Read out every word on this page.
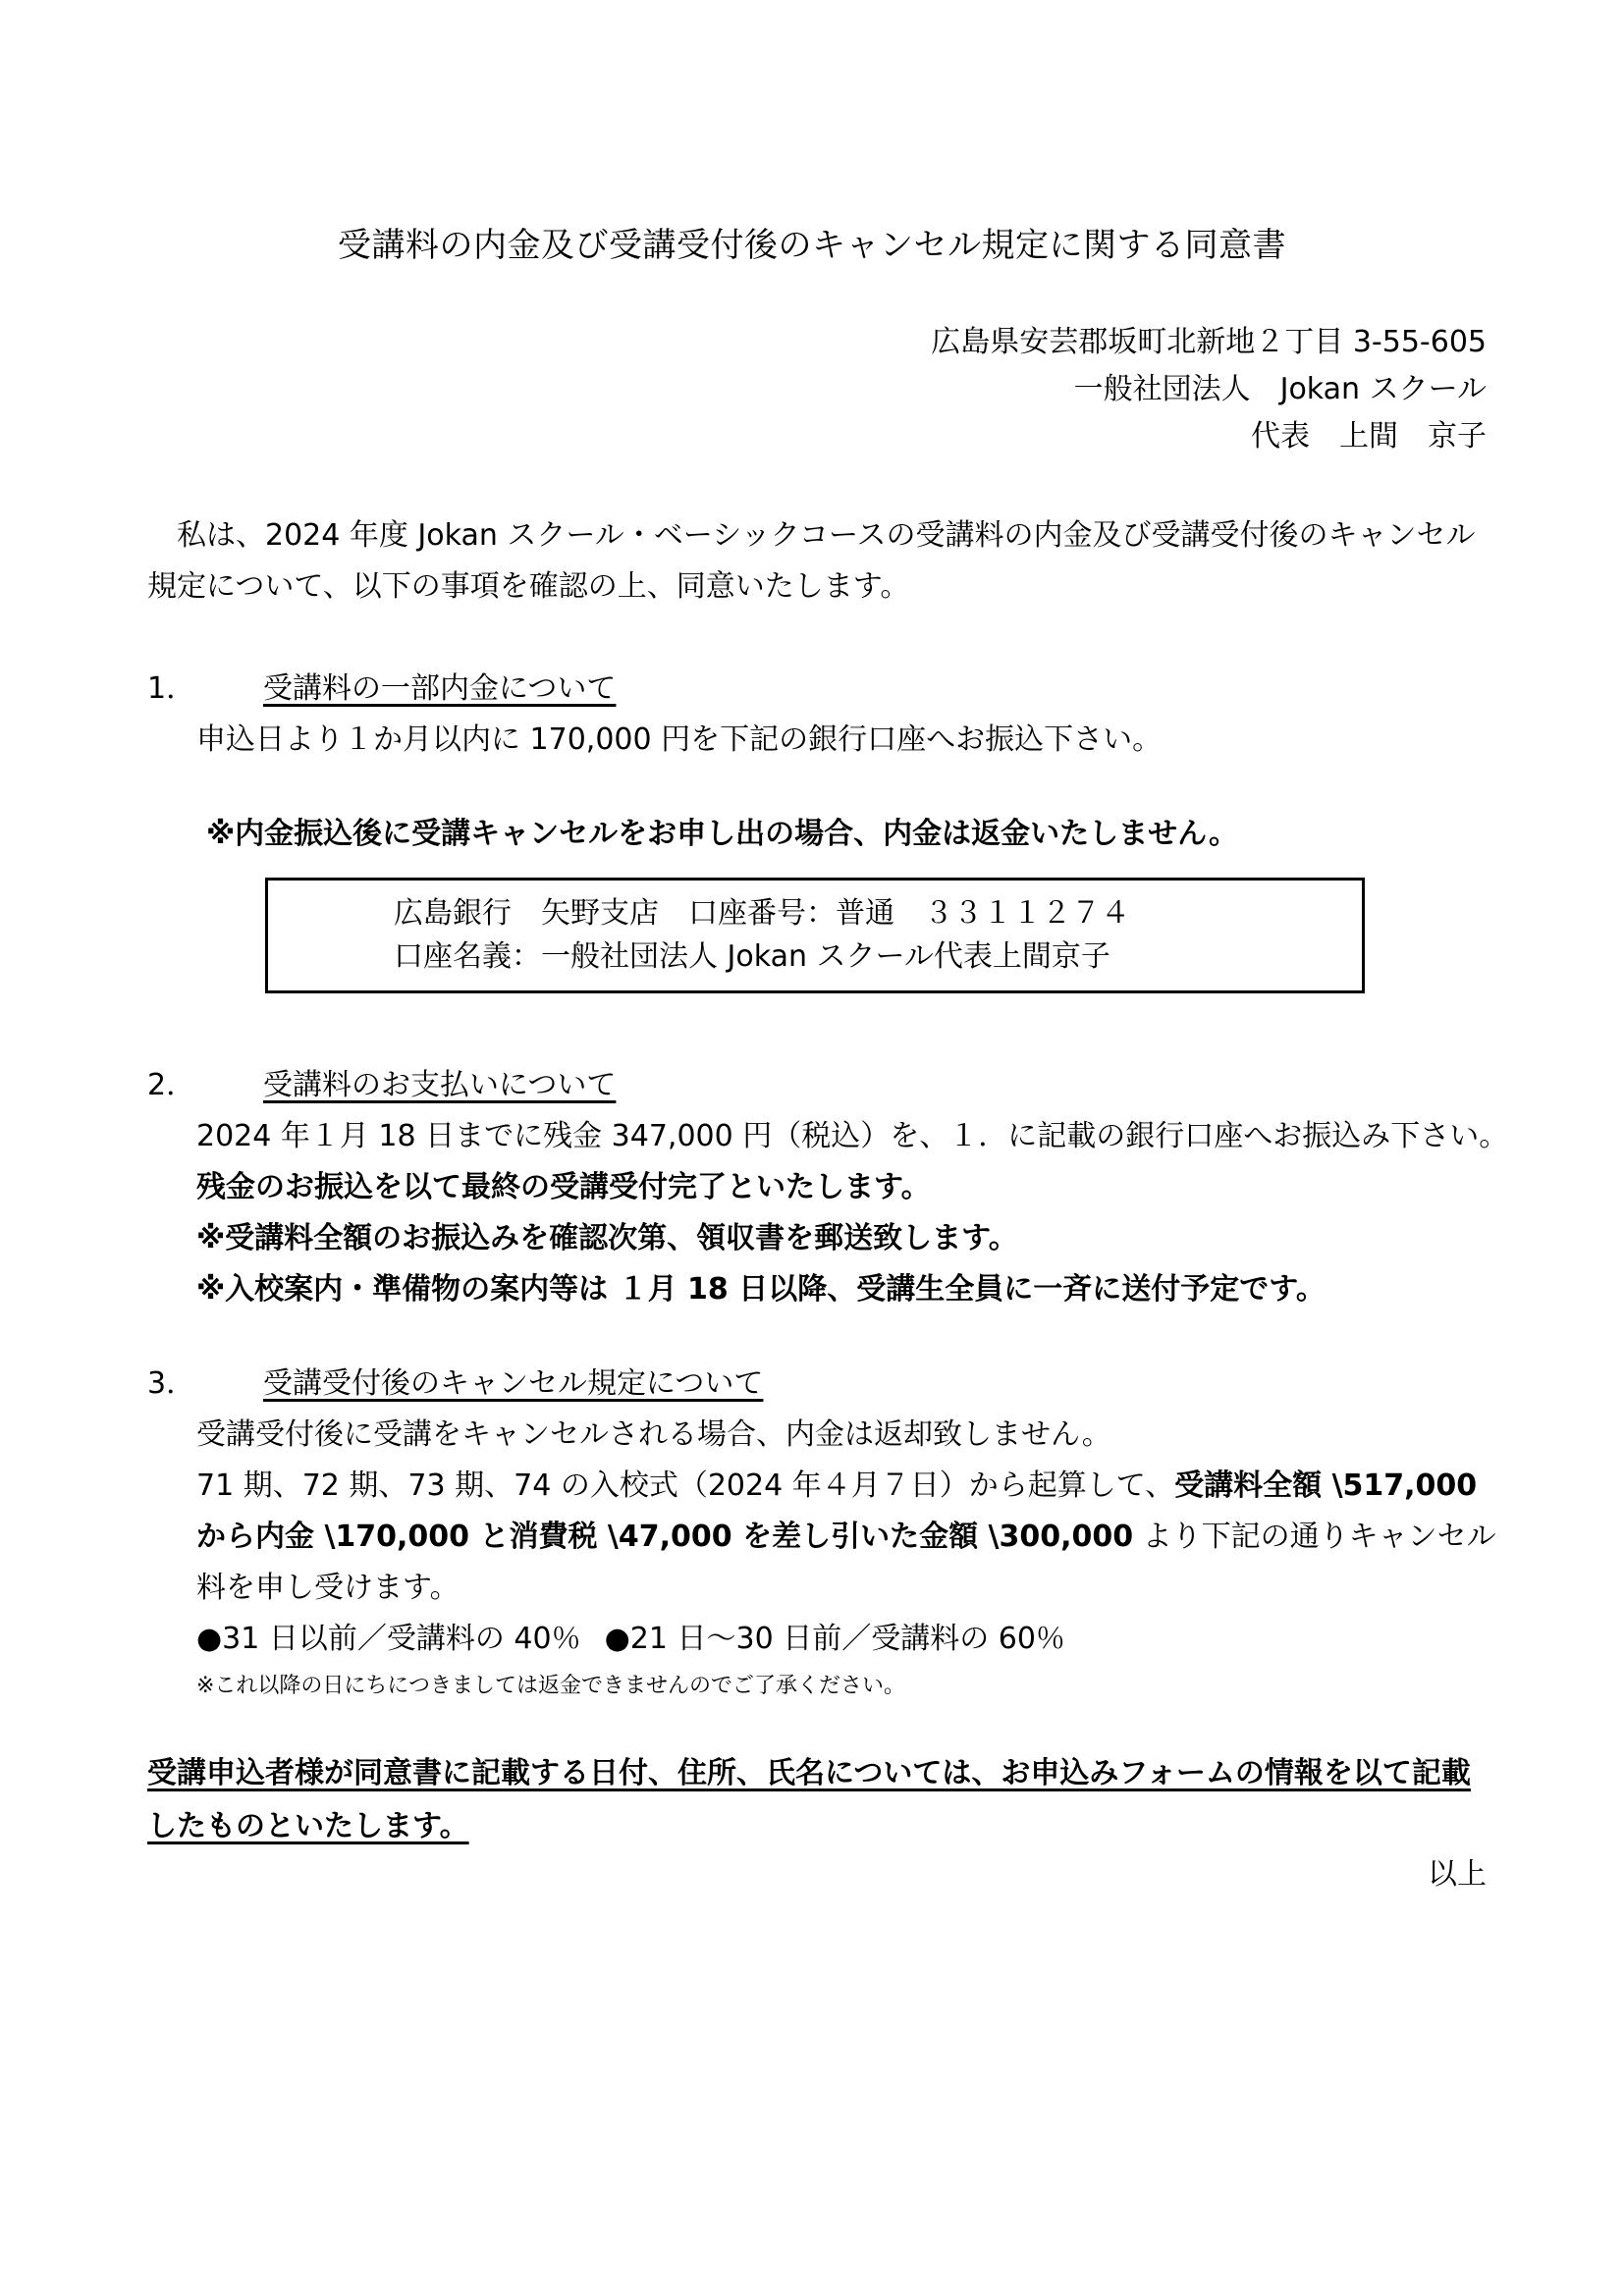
受講料の内金及び受講受付後のキャンセル規定に関する同意書
広島県安芸郡坂町北新地２丁目 3-55-605
一般社団法人　Jokan スクール
代表　上間　京子
私は、2024 年度 Jokan スクール・ベーシックコースの受講料の内金及び受講受付後のキャンセル規定について、以下の事項を確認の上、同意いたします。
1． 受講料の一部内金について
申込日より１か月以内に 170,000 円を下記の銀行口座へお振込下さい。
※内金振込後に受講キャンセルをお申し出の場合、内金は返金いたしません。
広島銀行　矢野支店　口座番号：普通　３３１１２７４
口座名義：一般社団法人 Jokan スクール代表上間京子
2． 受講料のお支払いについて
2024 年１月 18 日までに残金 347,000 円（税込）を、１．に記載の銀行口座へお振込み下さい。
残金のお振込を以て最終の受講受付完了といたします。
※受講料全額のお振込みを確認次第、領収書を郵送致します。
※入校案内・準備物の案内等は １月 18 日以降、受講生全員に一斉に送付予定です。
3． 受講受付後のキャンセル規定について
受講受付後に受講をキャンセルされる場合、内金は返却致しません。
71 期、72 期、73 期、74 の入校式（2024 年４月７日）から起算して、受講料全額 \517,000
から内金 \170,000 と消費税 \47,000 を差し引いた金額 \300,000 より下記の通りキャンセル
料を申し受けます。
●31 日以前／受講料の 40％ ●21 日～30 日前／受講料の 60％
※これ以降の日にちにつきましては返金できませんのでご了承ください。
受講申込者様が同意書に記載する日付、住所、氏名については、お申込みフォームの情報を以て記載
したものといたします。
以上
